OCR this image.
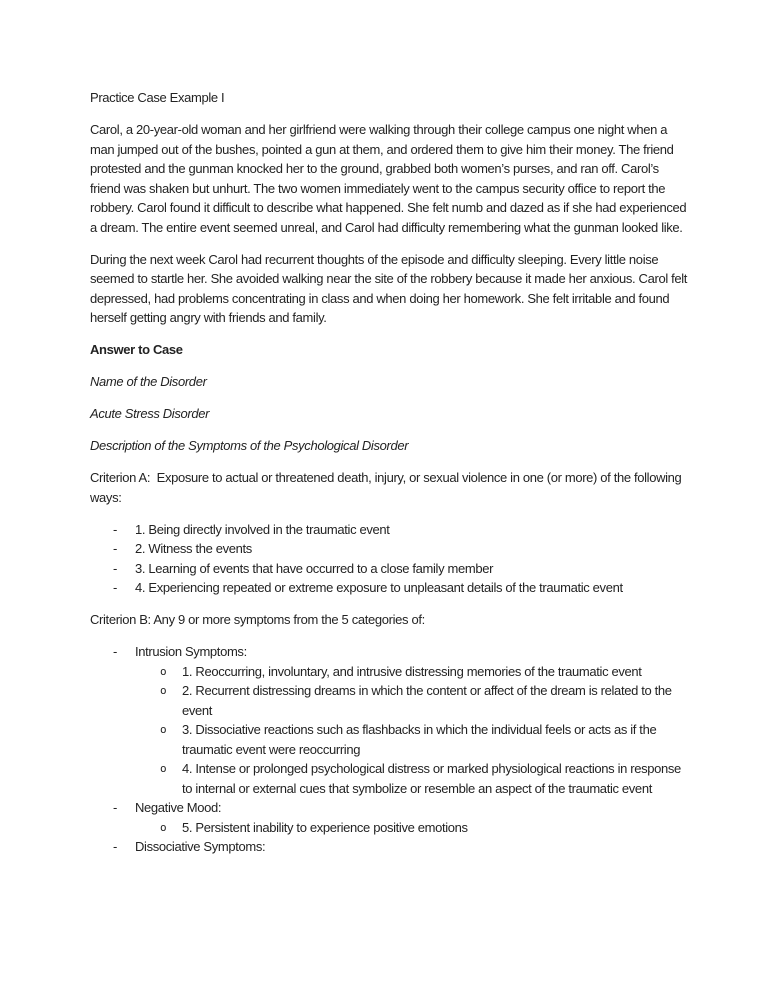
Practice Case Example I

Carol, a 20-year-old woman and her girlfriend were walking through their college campus one night when a man jumped out of the bushes, pointed a gun at them, and ordered them to give him their money. The friend protested and the gunman knocked her to the ground, grabbed both women’s purses, and ran off. Carol’s friend was shaken but unhurt. The two women immediately went to the campus security office to report the robbery. Carol found it difficult to describe what happened. She felt numb and dazed as if she had experienced a dream. The entire event seemed unreal, and Carol had difficulty remembering what the gunman looked like.

During the next week Carol had recurrent thoughts of the episode and difficulty sleeping. Every little noise seemed to startle her. She avoided walking near the site of the robbery because it made her anxious. Carol felt depressed, had problems concentrating in class and when doing her homework. She felt irritable and found herself getting angry with friends and family.

Answer to Case

Name of the Disorder

Acute Stress Disorder

Description of the Symptoms of the Psychological Disorder

Criterion A:  Exposure to actual or threatened death, injury, or sexual violence in one (or more) of the following ways:

- 1. Being directly involved in the traumatic event
- 2. Witness the events
- 3. Learning of events that have occurred to a close family member
- 4. Experiencing repeated or extreme exposure to unpleasant details of the traumatic event

Criterion B: Any 9 or more symptoms from the 5 categories of:

- Intrusion Symptoms:
o 1. Reoccurring, involuntary, and intrusive distressing memories of the traumatic event
o 2. Recurrent distressing dreams in which the content or affect of the dream is related to the event
o 3. Dissociative reactions such as flashbacks in which the individual feels or acts as if the traumatic event were reoccurring
o 4. Intense or prolonged psychological distress or marked physiological reactions in response to internal or external cues that symbolize or resemble an aspect of the traumatic event
- Negative Mood:
o 5. Persistent inability to experience positive emotions
- Dissociative Symptoms:
